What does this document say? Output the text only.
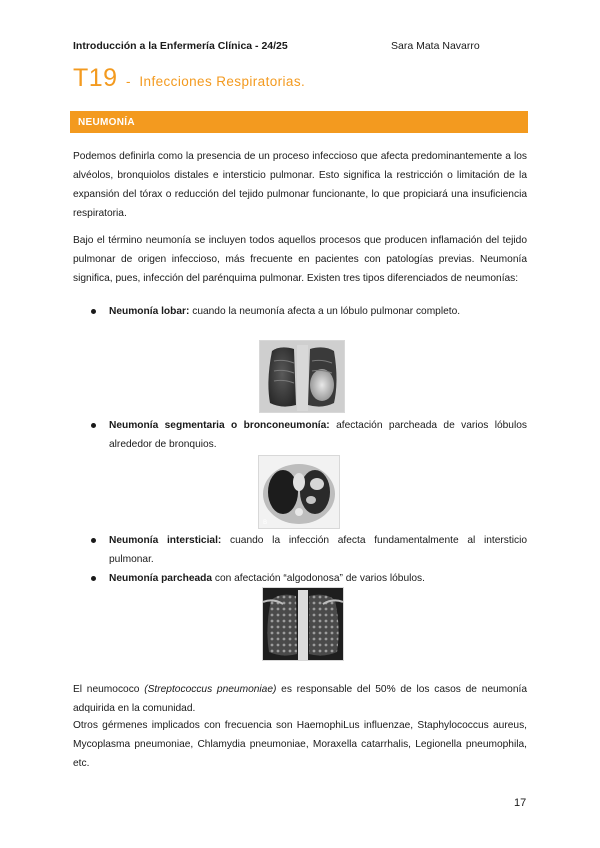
Introducción a la Enfermería Clínica - 24/25	Sara Mata Navarro
T19 - Infecciones Respiratorias.
NEUMONÍA

Podemos definirla como la presencia de un proceso infeccioso que afecta predominantemente a los alvéolos, bronquiolos distales e intersticio pulmonar. Esto significa la restricción o limitación de la expansión del tórax o reducción del tejido pulmonar funcionante, lo que propiciará una insuficiencia respiratoria.

Bajo el término neumonía se incluyen todos aquellos procesos que producen inflamación del tejido pulmonar de origen infeccioso, más frecuente en pacientes con patologías previas. Neumonía significa, pues, infección del parénquima pulmonar. Existen tres tipos diferenciados de neumonías:

Neumonía lobar: cuando la neumonía afecta a un lóbulo pulmonar completo.
Neumonía segmentaria o bronconeumonía: afectación parcheada de varios lóbulos alrededor de bronquios.
B
Neumonía intersticial: cuando la infección afecta fundamentalmente al intersticio pulmonar.
Neumonía parcheada con afectación “algodonosa” de varios lóbulos.

El neumococo (Streptococcus pneumoniae) es responsable del 50% de los casos de neumonía adquirida en la comunidad.

Otros gérmenes implicados con frecuencia son HaemophiLus influenzae, Staphylococcus aureus, Mycoplasma pneumoniae, Chlamydia pneumoniae, Moraxella catarrhalis, Legionella pneumophila, etc.

17
